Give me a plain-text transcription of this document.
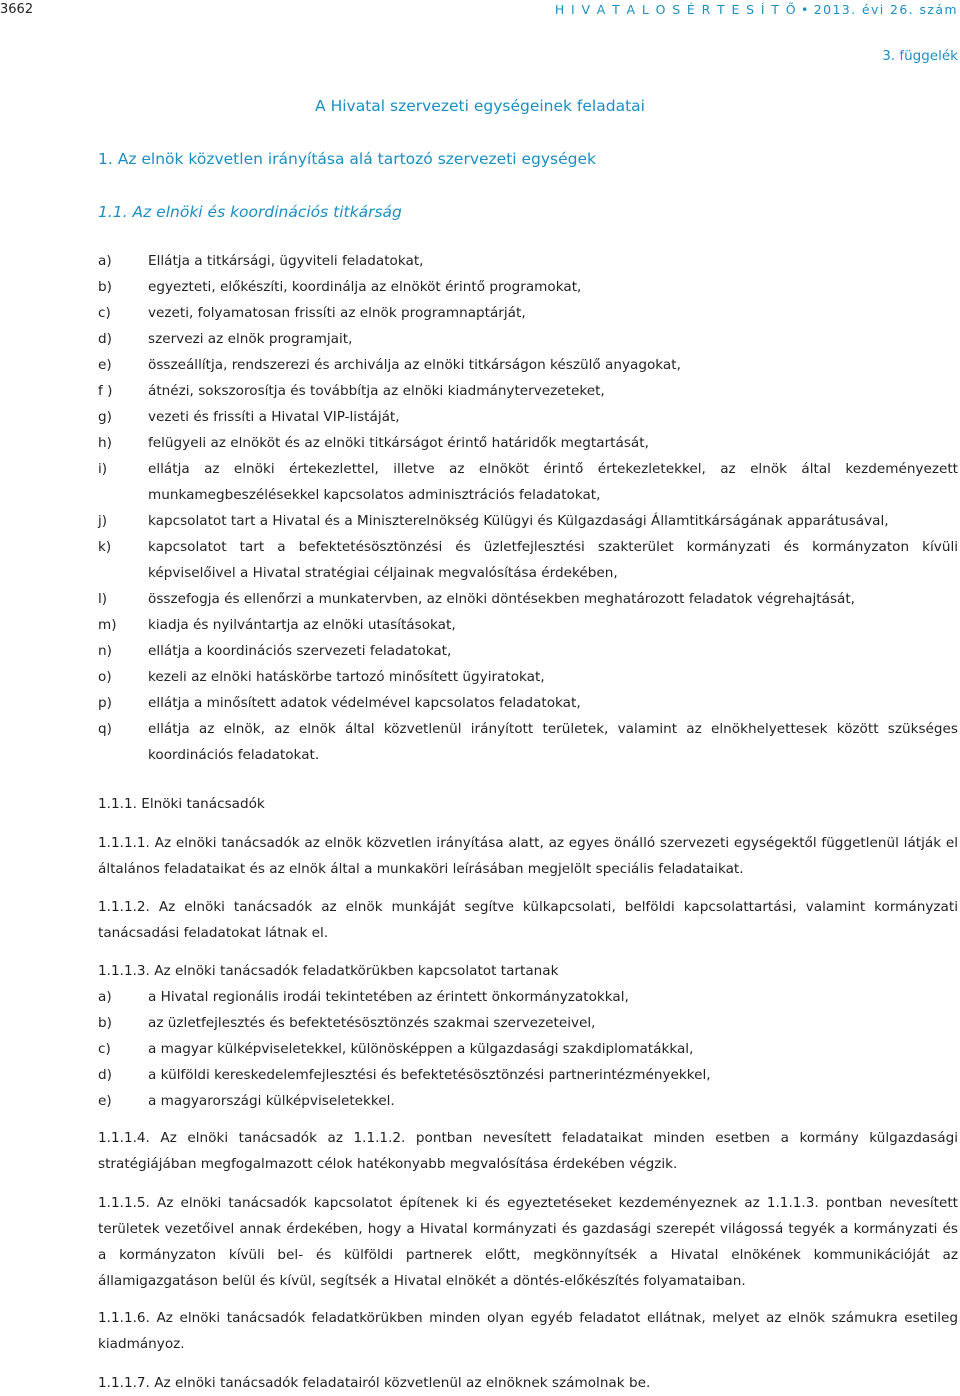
3662	H I V A T A L O S É R T E S Í T Ő • 2013. évi 26. szám
3. függelék
A Hivatal szervezeti egységeinek feladatai
1. Az elnök közvetlen irányítása alá tartozó szervezeti egységek
1.1. Az elnöki és koordinációs titkárság
a)	Ellátja a titkársági, ügyviteli feladatokat,
b)	egyezteti, előkészíti, koordinálja az elnököt érintő programokat,
c)	vezeti, folyamatosan frissíti az elnök programnaptárját,
d)	szervezi az elnök programjait,
e)	összeállítja, rendszerezi és archiválja az elnöki titkárságon készülő anyagokat,
f )	átnézi, sokszorosítja és továbbítja az elnöki kiadmánytervezeteket,
g)	vezeti és frissíti a Hivatal VIP-listáját,
h)	felügyeli az elnököt és az elnöki titkárságot érintő határidők megtartását,
i)	ellátja az elnöki értekezlettel, illetve az elnököt érintő értekezletekkel, az elnök által kezdeményezett munkamegbeszélésekkel kapcsolatos adminisztrációs feladatokat,
j)	kapcsolatot tart a Hivatal és a Miniszterelnökség Külügyi és Külgazdasági Államtitkárságának apparátusával,
k)	kapcsolatot tart a befektetésösztönzési és üzletfejlesztési szakterület kormányzati és kormányzaton kívüli képviselőivel a Hivatal stratégiai céljainak megvalósítása érdekében,
l)	összefogja és ellenőrzi a munkatervben, az elnöki döntésekben meghatározott feladatok végrehajtását,
m) kiadja és nyilvántartja az elnöki utasításokat,
n)	ellátja a koordinációs szervezeti feladatokat,
o)	kezeli az elnöki hatáskörbe tartozó minősített ügyiratokat,
p)	ellátja a minősített adatok védelmével kapcsolatos feladatokat,
q)	ellátja az elnök, az elnök által közvetlenül irányított területek, valamint az elnökhelyettesek között szükséges koordinációs feladatokat.
1.1.1. Elnöki tanácsadók
1.1.1.1. Az elnöki tanácsadók az elnök közvetlen irányítása alatt, az egyes önálló szervezeti egységektől függetlenül látják el általános feladataikat és az elnök által a munkaköri leírásában megjelölt speciális feladataikat.
1.1.1.2. Az elnöki tanácsadók az elnök munkáját segítve külkapcsolati, belföldi kapcsolattartási, valamint kormányzati tanácsadási feladatokat látnak el.
1.1.1.3. Az elnöki tanácsadók feladatkörükben kapcsolatot tartanak
a)	a Hivatal regionális irodái tekintetében az érintett önkormányzatokkal,
b)	az üzletfejlesztés és befektetésösztönzés szakmai szervezeteivel,
c)	a magyar külképviseletekkel, különösképpen a külgazdasági szakdiplomatákkal,
d)	a külföldi kereskedelemfejlesztési és befektetésösztönzési partnerintézményekkel,
e)	a magyarországi külképviseletekkel.
1.1.1.4. Az elnöki tanácsadók az 1.1.1.2. pontban nevesített feladataikat minden esetben a kormány külgazdasági stratégiájában megfogalmazott célok hatékonyabb megvalósítása érdekében végzik.
1.1.1.5. Az elnöki tanácsadók kapcsolatot építenek ki és egyeztetéseket kezdeményeznek az 1.1.1.3. pontban nevesített területek vezetőivel annak érdekében, hogy a Hivatal kormányzati és gazdasági szerepét világossá tegyék a kormányzati és a kormányzaton kívüli bel- és külföldi partnerek előtt, megkönnyítsék a Hivatal elnökének kommunikációját az államigazgatáson belül és kívül, segítsék a Hivatal elnökét a döntés-előkészítés folyamataiban.
1.1.1.6. Az elnöki tanácsadók feladatkörükben minden olyan egyéb feladatot ellátnak, melyet az elnök számukra esetileg kiadmányoz.
1.1.1.7. Az elnöki tanácsadók feladatairól közvetlenül az elnöknek számolnak be.
